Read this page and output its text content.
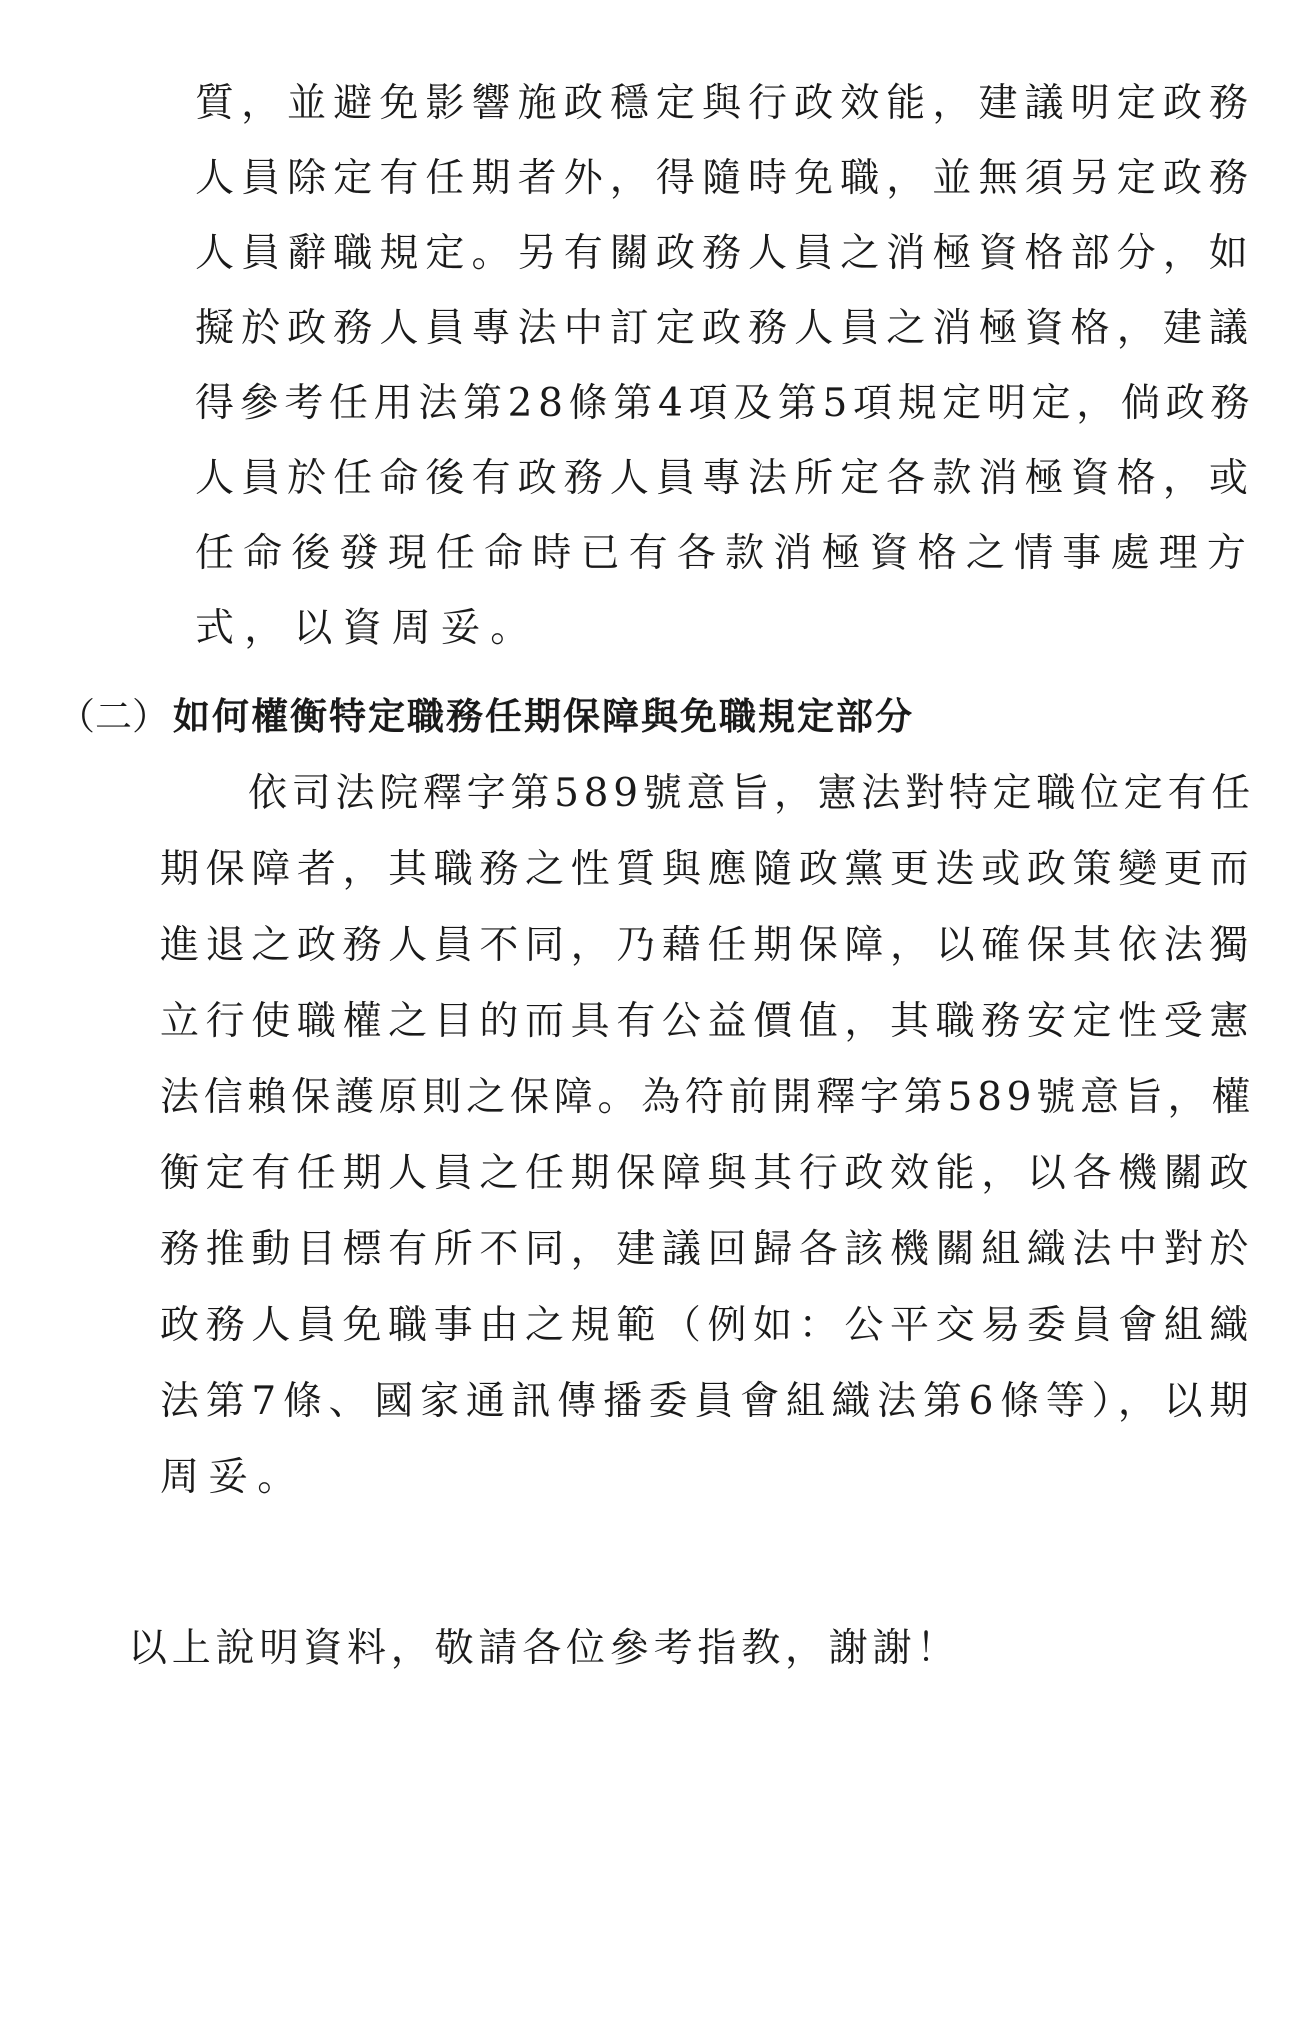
質，並避免影響施政穩定與行政效能，建議明定政務
人員除定有任期者外，得隨時免職，並無須另定政務
人員辭職規定。另有關政務人員之消極資格部分，如
擬於政務人員專法中訂定政務人員之消極資格，建議
得參考任用法第28條第4項及第5項規定明定，倘政務
人員於任命後有政務人員專法所定各款消極資格，或
任命後發現任命時已有各款消極資格之情事處理方
式，以資周妥。
（二） 如何權衡特定職務任期保障與免職規定部分
依司法院釋字第589號意旨，憲法對特定職位定有任
期保障者，其職務之性質與應隨政黨更迭或政策變更而
進退之政務人員不同，乃藉任期保障，以確保其依法獨
立行使職權之目的而具有公益價值，其職務安定性受憲
法信賴保護原則之保障。為符前開釋字第589號意旨，權
衡定有任期人員之任期保障與其行政效能，以各機關政
務推動目標有所不同，建議回歸各該機關組織法中對於
政務人員免職事由之規範（例如：公平交易委員會組織
法第7條、國家通訊傳播委員會組織法第6條等），以期
周妥。
以上說明資料，敬請各位參考指教，謝謝！
